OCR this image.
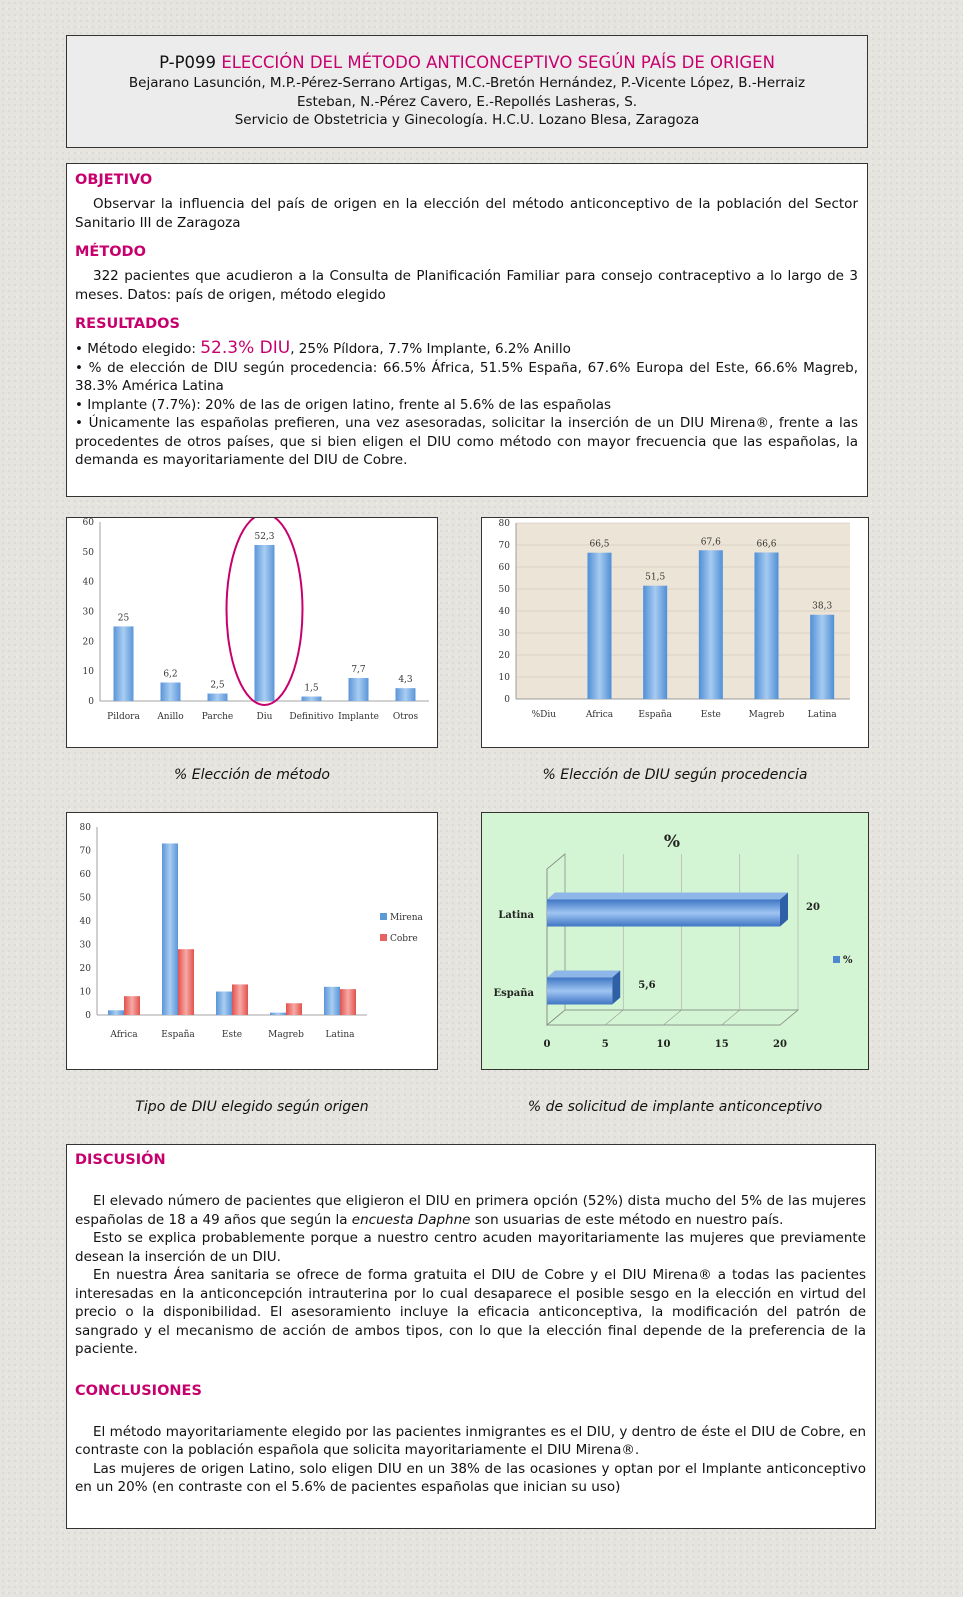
P-P099 ELECCIÓN DEL MÉTODO ANTICONCEPTIVO SEGÚN PAÍS DE ORIGEN

Bejarano Lasunción, M.P.-Pérez-Serrano Artigas, M.C.-Bretón Hernández, P.-Vicente López, B.-Herraiz

Esteban, N.-Pérez Cavero, E.-Repollés Lasheras, S.

Servicio de Obstetricia y Ginecología. H.C.U. Lozano Blesa, Zaragoza

OBJETIVO

Observar la influencia del país de origen en la elección del método anticonceptivo de la población del Sector Sanitario III de Zaragoza

MÉTODO

322 pacientes que acudieron a la Consulta de Planificación Familiar para consejo contraceptivo a lo largo de 3 meses. Datos: país de origen, método elegido

RESULTADOS

• Método elegido: 52.3% DIU, 25% Píldora, 7.7% Implante, 6.2% Anillo

• % de elección de DIU según procedencia: 66.5% África, 51.5% España, 67.6% Europa del Este, 66.6% Magreb, 38.3% América Latina

• Implante (7.7%): 20% de las de origen latino, frente al 5.6% de las españolas

• Únicamente las españolas prefieren, una vez asesoradas, solicitar la inserción de un DIU Mirena®, frente a las procedentes de otros países, que si bien eligen el DIU como método con mayor frecuencia que las españolas, la demanda es mayoritariamente del DIU de Cobre.

0
10
20
30
40
50
60
Pildora
25
Anillo
6,2
Parche
2,5
Diu
52,3
Definitivo
1,5
Implante
7,7
Otros
4,3
0
10
20
30
40
50
60
70
80
%Diu	Africa
66,5
España
51,5
Este
67,6
Magreb
66,6
Latina
38,3
0
10
20
30
40
50
60
70
80
Africa	España	Este	Magreb Latina
Mirena
Cobre
%
0	5	10	15	20
España
5,6
Latina
20
%
% Elección de método	% Elección de DIU según procedencia
Tipo de DIU elegido según origen	% de solicitud de implante anticonceptivo
DISCUSIÓN

El elevado número de pacientes que eligieron el DIU en primera opción (52%) dista mucho del 5% de las mujeres españolas de 18 a 49 años que según la encuesta Daphne son usuarias de este método en nuestro país.

Esto se explica probablemente porque a nuestro centro acuden mayoritariamente las mujeres que previamente desean la inserción de un DIU.

En nuestra Área sanitaria se ofrece de forma gratuita el DIU de Cobre y el DIU Mirena® a todas las pacientes interesadas en la anticoncepción intrauterina por lo cual desaparece el posible sesgo en la elección en virtud del precio o la disponibilidad. El asesoramiento incluye la eficacia anticonceptiva, la modificación del patrón de sangrado y el mecanismo de acción de ambos tipos, con lo que la elección final depende de la preferencia de la paciente.

CONCLUSIONES

El método mayoritariamente elegido por las pacientes inmigrantes es el DIU, y dentro de éste el DIU de Cobre, en contraste con la población española que solicita mayoritariamente el DIU Mirena®.

Las mujeres de origen Latino, solo eligen DIU en un 38% de las ocasiones y optan por el Implante anticonceptivo en un 20% (en contraste con el 5.6% de pacientes españolas que inician su uso)
